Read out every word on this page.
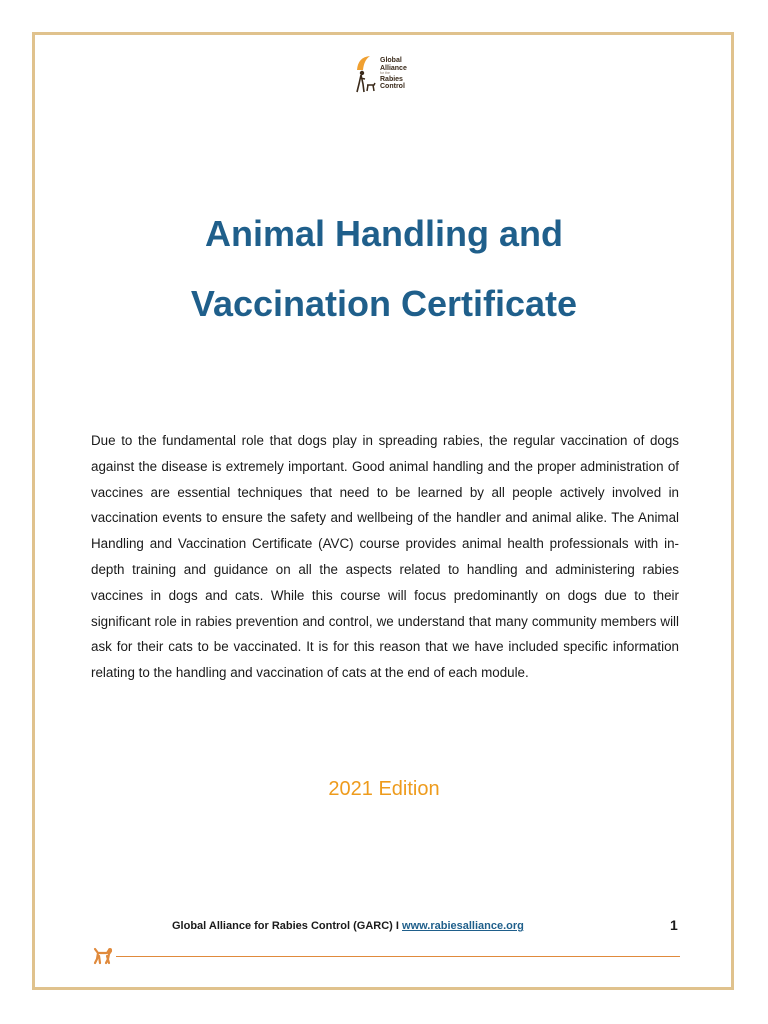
Global
Alliance
for the
Rabies
Control
Animal Handling and
Vaccination Certificate

Due to the fundamental role that dogs play in spreading rabies, the regular vaccination of dogs against the disease is extremely important. Good animal handling and the proper administration of vaccines are essential techniques that need to be learned by all people actively involved in vaccination events to ensure the safety and wellbeing of the handler and animal alike. The Animal Handling and Vaccination Certificate (AVC) course provides animal health professionals with in-depth training and guidance on all the aspects related to handling and administering rabies vaccines in dogs and cats. While this course will focus predominantly on dogs due to their significant role in rabies prevention and control, we understand that many community members will ask for their cats to be vaccinated. It is for this reason that we have included specific information relating to the handling and vaccination of cats at the end of each module.

2021 Edition
Global Alliance for Rabies Control (GARC) I www.rabiesalliance.org	1
